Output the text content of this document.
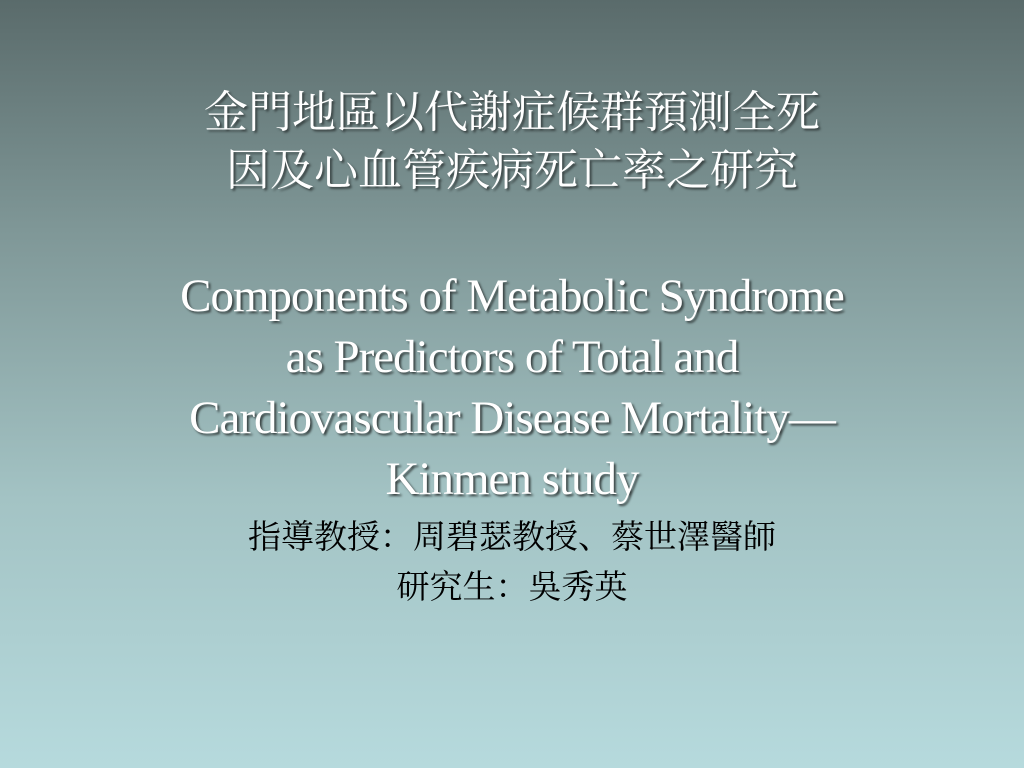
金門地區以代謝症候群預測全死
因及心血管疾病死亡率之研究
Components of Metabolic Syndrome
as Predictors of Total and
Cardiovascular Disease Mortality—
Kinmen study
指導教授：周碧瑟教授、蔡世澤醫師
研究生：吳秀英
